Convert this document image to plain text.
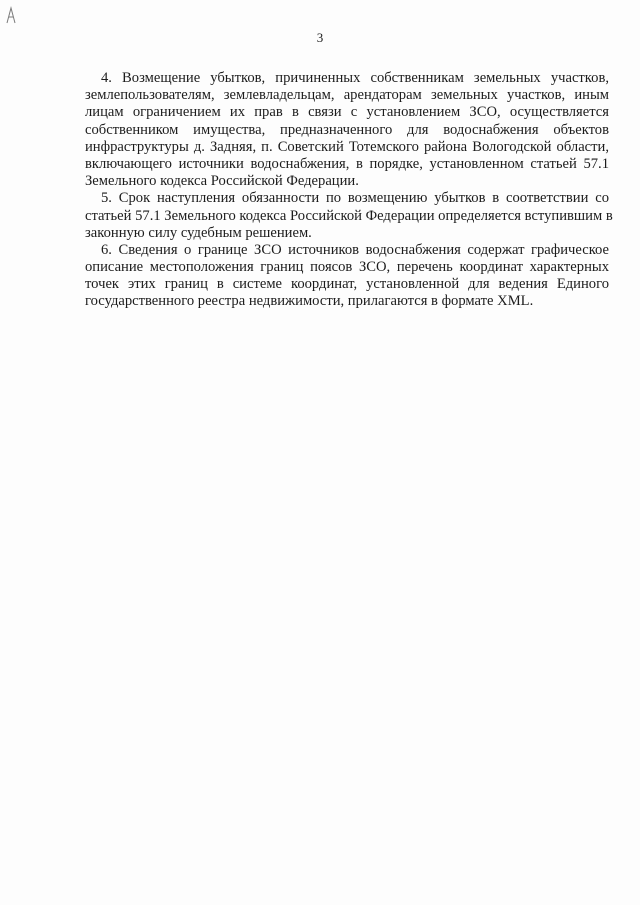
3

4. Возмещение убытков, причиненных собственникам земельных участков,
землепользователям, землевладельцам, арендаторам земельных участков, иным
лицам ограничением их прав в связи с установлением ЗСО, осуществляется
собственником имущества, предназначенного для водоснабжения объектов
инфраструктуры д. Задняя, п. Советский Тотемского района Вологодской области,
включающего источники водоснабжения, в порядке, установленном статьей 57.1
Земельного кодекса Российской Федерации.

5. Срок наступления обязанности по возмещению убытков в соответствии со
статьей 57.1 Земельного кодекса Российской Федерации определяется вступившим в
законную силу судебным решением.

6. Сведения о границе ЗСО источников водоснабжения содержат графическое
описание местоположения границ поясов ЗСО, перечень координат характерных
точек этих границ в системе координат, установленной для ведения Единого
государственного реестра недвижимости, прилагаются в формате XML.
